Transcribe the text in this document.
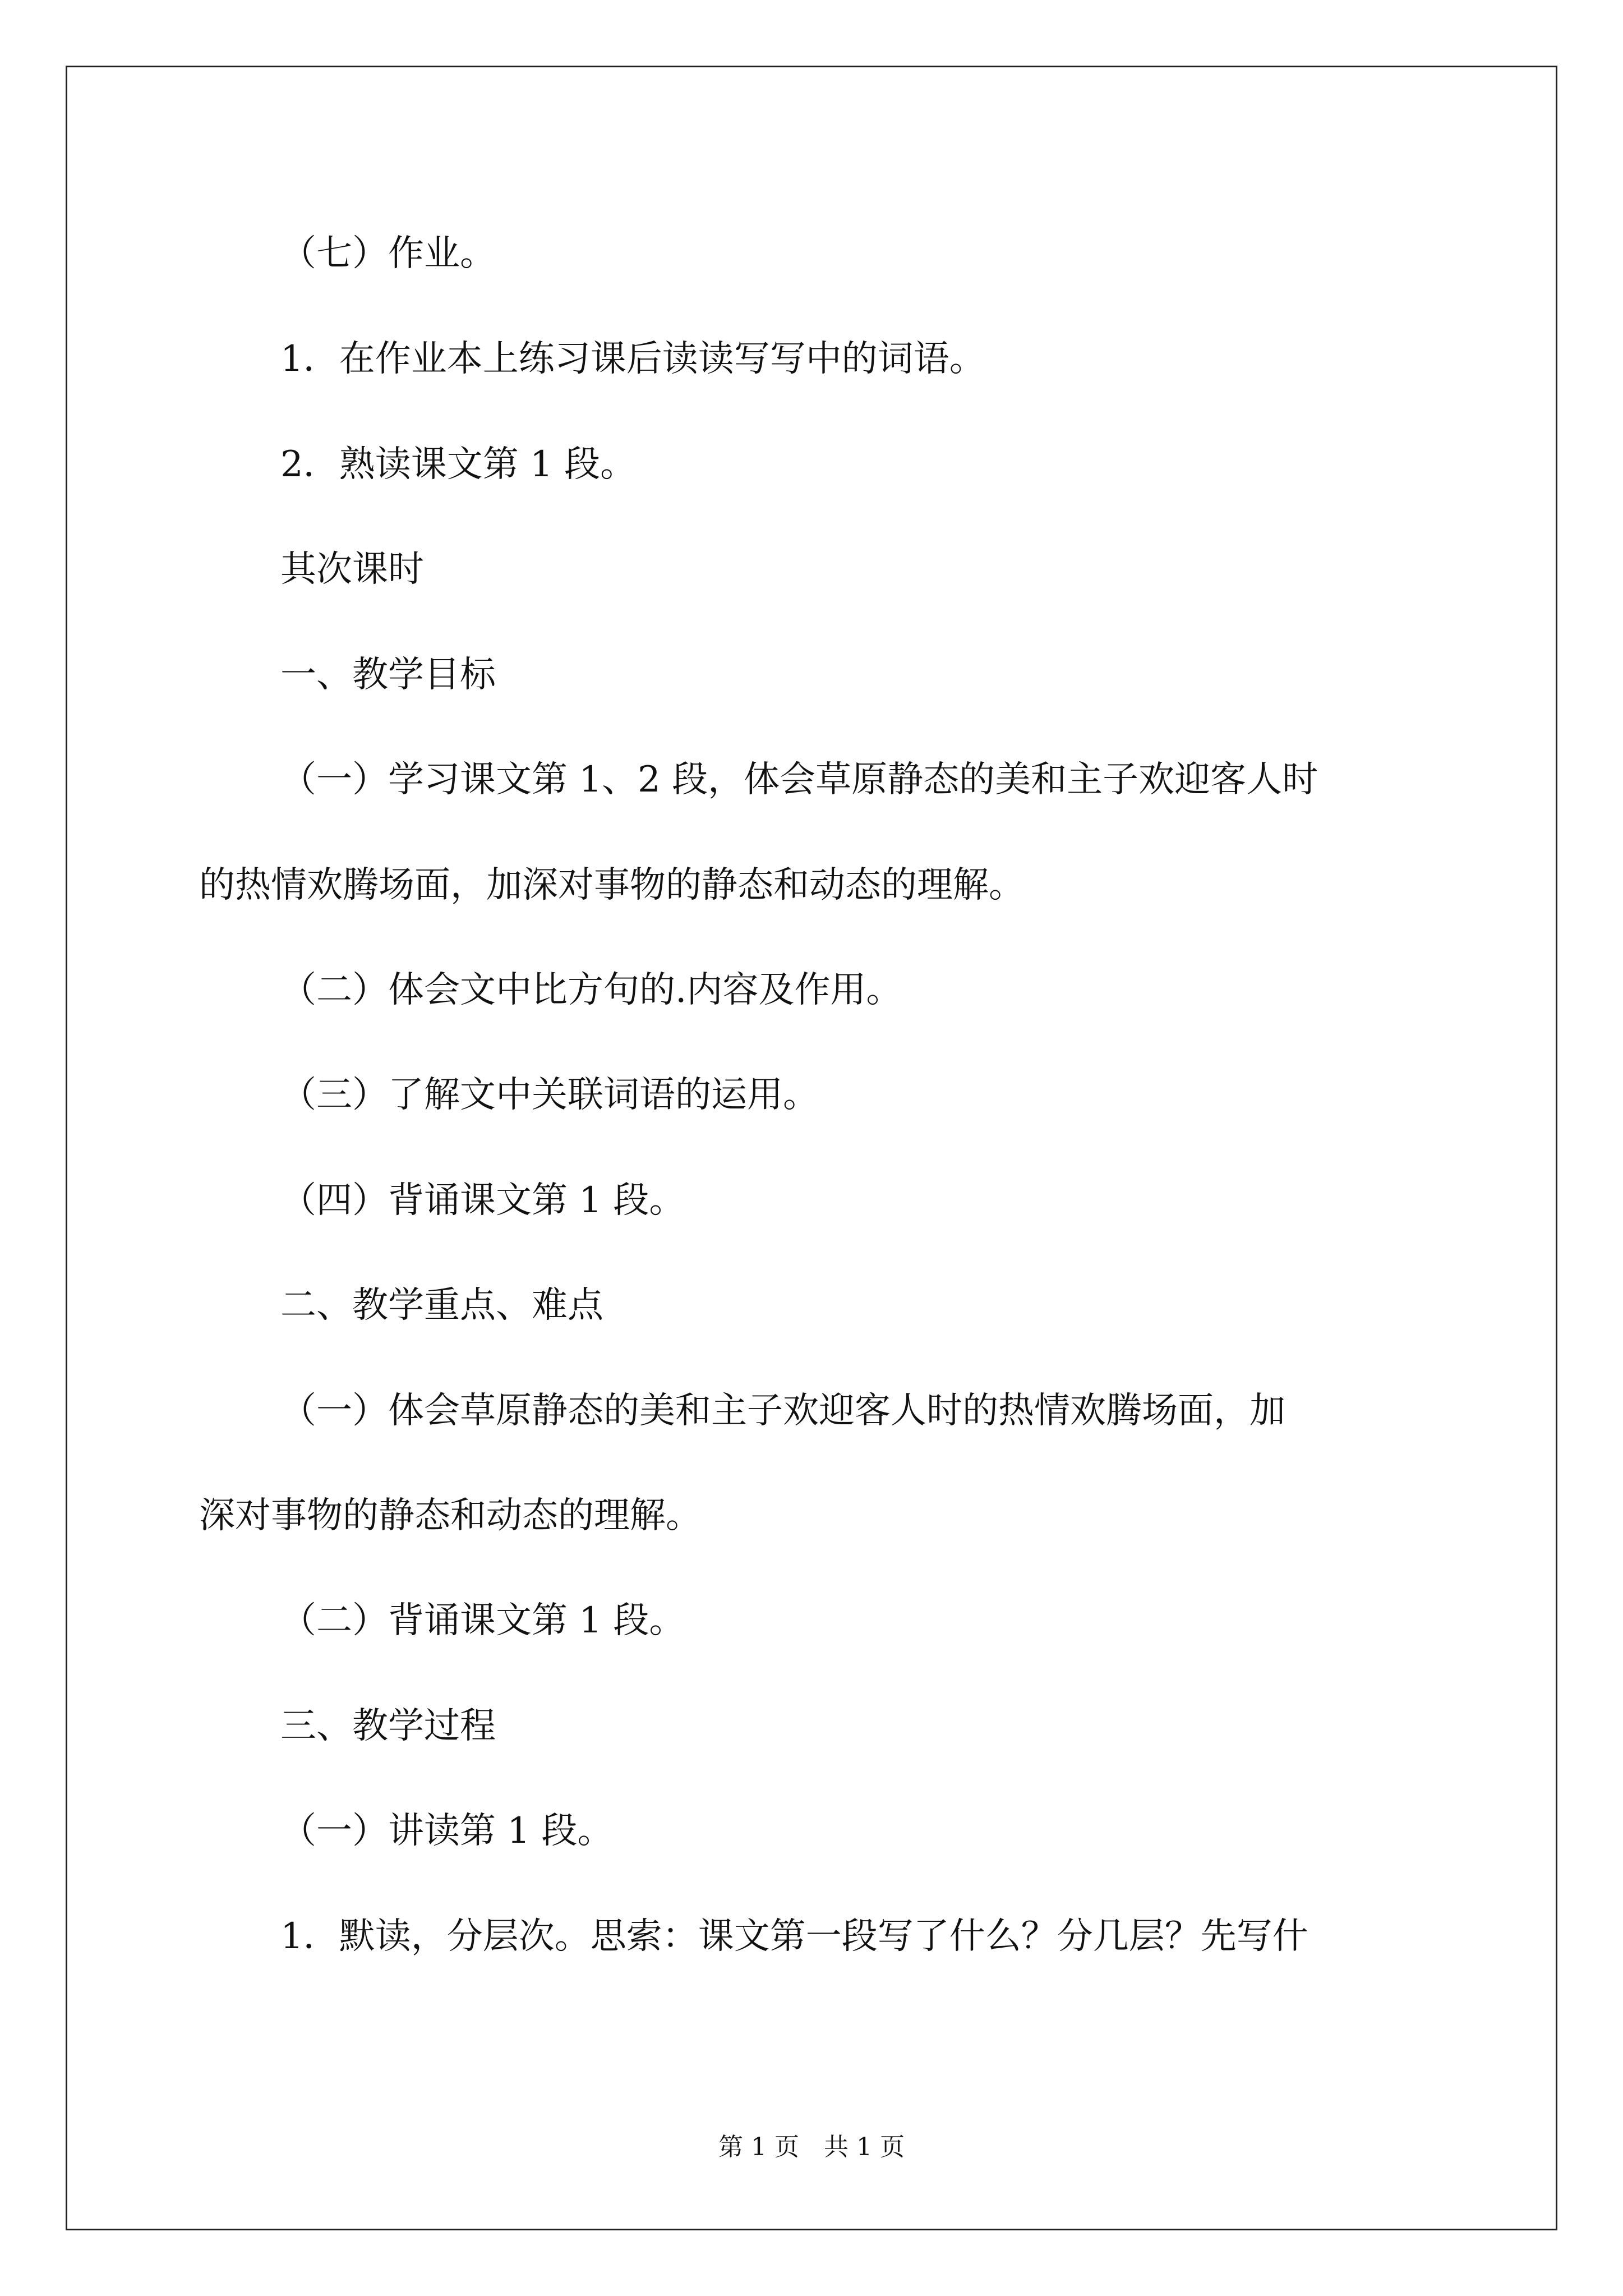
（七）作业。

1．在作业本上练习课后读读写写中的词语。

2．熟读课文第 1 段。

其次课时

一、教学目标

（一）学习课文第 1、2 段，体会草原静态的美和主子欢迎客人时

的热情欢腾场面，加深对事物的静态和动态的理解。

（二）体会文中比方句的.内容及作用。

（三）了解文中关联词语的运用。

（四）背诵课文第 1 段。

二、教学重点、难点

（一）体会草原静态的美和主子欢迎客人时的热情欢腾场面，加

深对事物的静态和动态的理解。

（二）背诵课文第 1 段。

三、教学过程

（一）讲读第 1 段。

1．默读，分层次。思索：课文第一段写了什么？分几层？先写什

第 1 页　共 1 页
